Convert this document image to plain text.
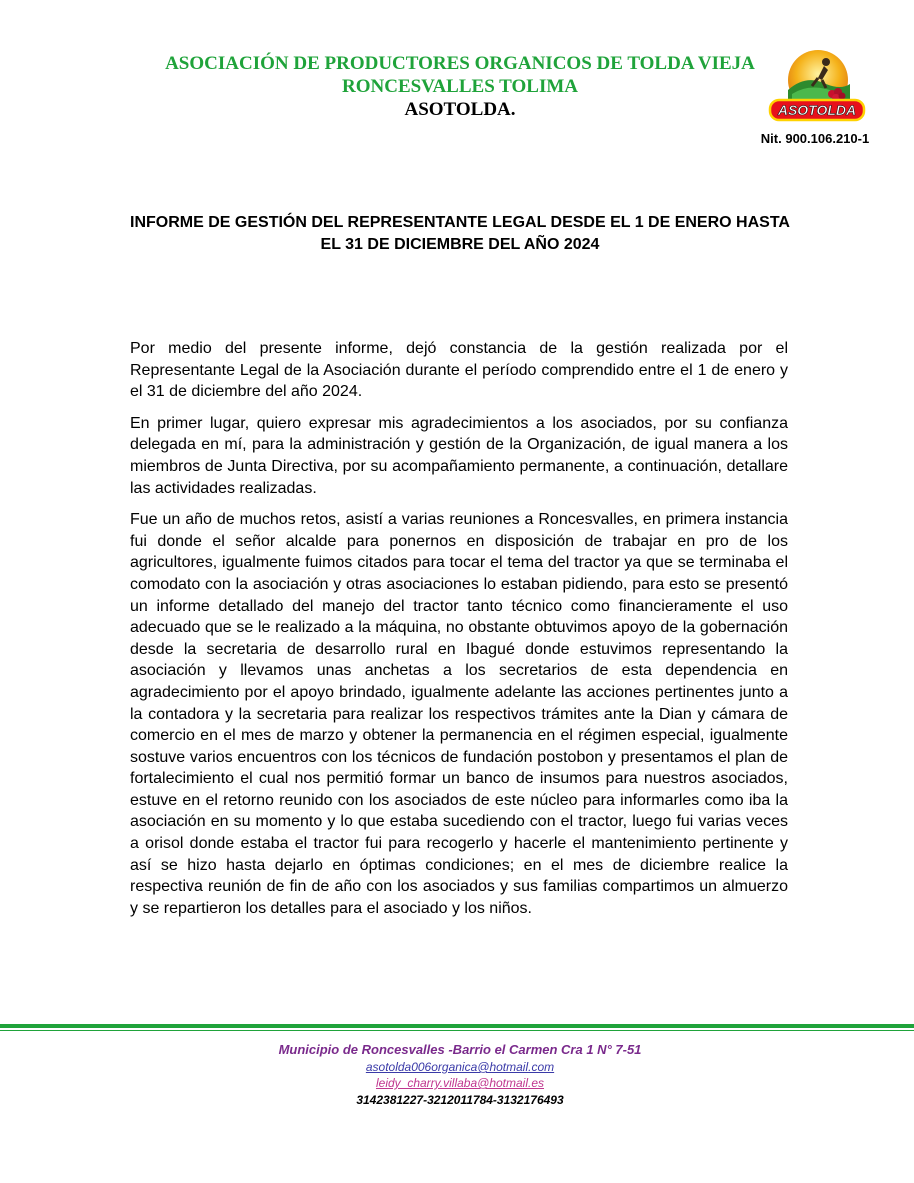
ASOCIACIÓN DE PRODUCTORES ORGANICOS DE TOLDA VIEJA
RONCESVALLES TOLIMA
ASOTOLDA.	ASOTOLDA
Nit. 900.106.210-1
INFORME DE GESTIÓN DEL REPRESENTANTE LEGAL DESDE EL 1 DE ENERO HASTA EL 31 DE DICIEMBRE DEL AÑO 2024

Por medio del presente informe, dejó constancia de la gestión realizada por el Representante Legal de la Asociación durante el período comprendido entre el 1 de enero y el 31 de diciembre del año 2024.

En primer lugar, quiero expresar mis agradecimientos a los asociados, por su confianza delegada en mí, para la administración y gestión de la Organización, de igual manera a los miembros de Junta Directiva, por su acompañamiento permanente, a continuación, detallare las actividades realizadas.

Fue un año de muchos retos, asistí a varias reuniones a Roncesvalles, en primera instancia fui donde el señor alcalde para ponernos en disposición de trabajar en pro de los agricultores, igualmente fuimos citados para tocar el tema del tractor ya que se terminaba el comodato con la asociación y otras asociaciones lo estaban pidiendo, para esto se presentó un informe detallado del manejo del tractor tanto técnico como financieramente el uso adecuado que se le realizado a la máquina, no obstante obtuvimos apoyo de la gobernación desde la secretaria de desarrollo rural en Ibagué donde estuvimos representando la asociación y llevamos unas anchetas a los secretarios de esta dependencia en agradecimiento por el apoyo brindado, igualmente adelante las acciones pertinentes junto a la contadora y la secretaria para realizar los respectivos trámites ante la Dian y cámara de comercio en el mes de marzo y obtener la permanencia en el régimen especial, igualmente sostuve varios encuentros con los técnicos de fundación postobon y presentamos el plan de fortalecimiento el cual nos permitió formar un banco de insumos para nuestros asociados, estuve en el retorno reunido con los asociados de este núcleo para informarles como iba la asociación en su momento y lo que estaba sucediendo con el tractor, luego fui varias veces a orisol donde estaba el tractor fui para recogerlo y hacerle el mantenimiento pertinente y así se hizo hasta dejarlo en óptimas condiciones; en el mes de diciembre realice la respectiva reunión de fin de año con los asociados y sus familias compartimos un almuerzo y se repartieron los detalles para el asociado y los niños.

Municipio de Roncesvalles -Barrio el Carmen Cra 1 N° 7-51
asotolda006organica@hotmail.com
leidy_charry.villaba@hotmail.es
3142381227-3212011784-3132176493
